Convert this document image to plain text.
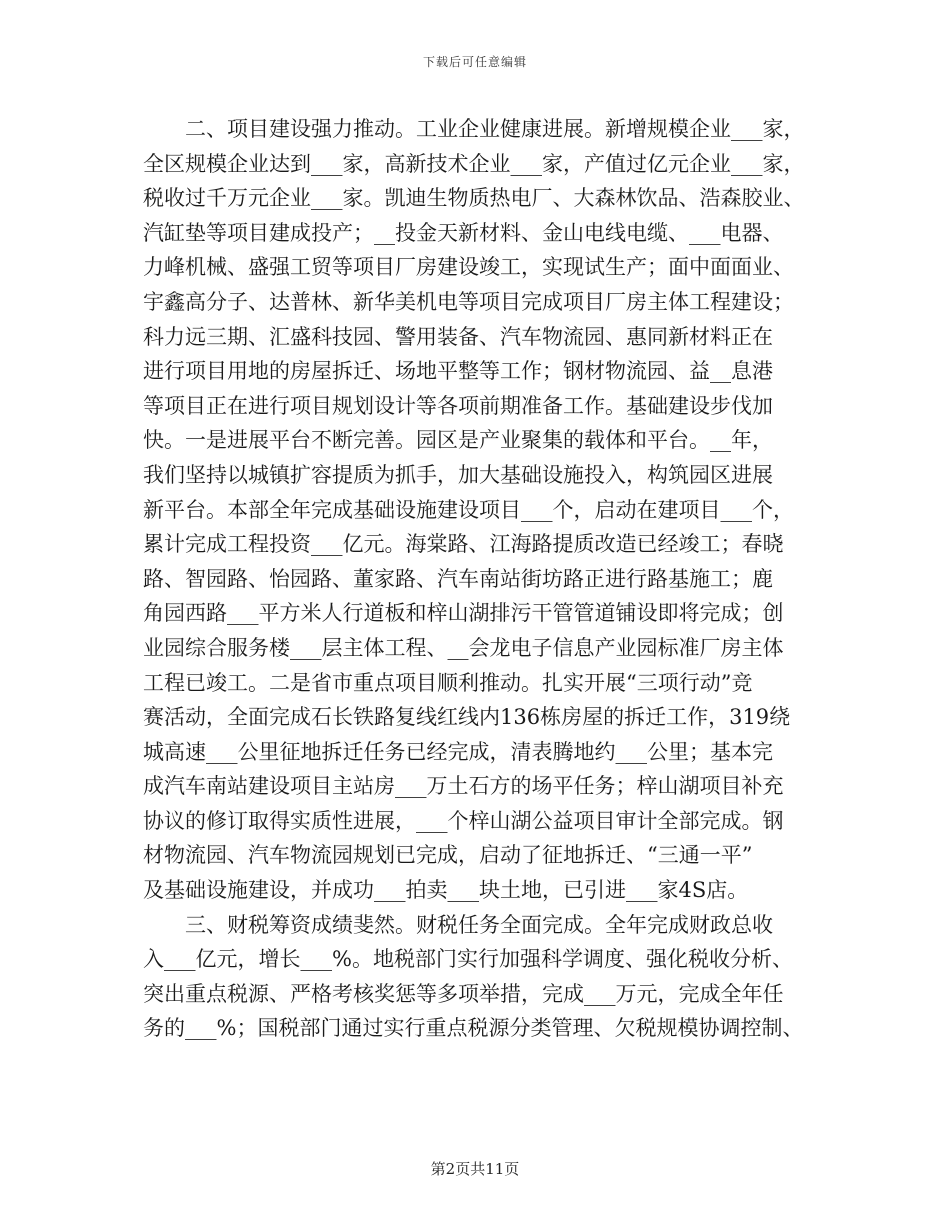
下载后可任意编辑
　　二、项目建设强力推动。工业企业健康进展。新增规模企业___家，
全区规模企业达到___家，高新技术企业___家，产值过亿元企业___家，
税收过千万元企业___家。凯迪生物质热电厂、大森林饮品、浩森胶业、
汽缸垫等项目建成投产；__投金天新材料、金山电线电缆、___电器、
力峰机械、盛强工贸等项目厂房建设竣工，实现试生产；面中面面业、
宇鑫高分子、达普林、新华美机电等项目完成项目厂房主体工程建设；
科力远三期、汇盛科技园、警用装备、汽车物流园、惠同新材料正在
进行项目用地的房屋拆迁、场地平整等工作；钢材物流园、益__息港
等项目正在进行项目规划设计等各项前期准备工作。基础建设步伐加
快。一是进展平台不断完善。园区是产业聚集的载体和平台。__年，
我们坚持以城镇扩容提质为抓手，加大基础设施投入，构筑园区进展
新平台。本部全年完成基础设施建设项目___个，启动在建项目___个，
累计完成工程投资___亿元。海棠路、江海路提质改造已经竣工；春晓
路、智园路、怡园路、董家路、汽车南站街坊路正进行路基施工；鹿
角园西路___平方米人行道板和梓山湖排污干管管道铺设即将完成；创
业园综合服务楼___层主体工程、__会龙电子信息产业园标准厂房主体
工程已竣工。二是省市重点项目顺利推动。扎实开展“三项行动”竞
赛活动，全面完成石长铁路复线红线内136栋房屋的拆迁工作，319绕
城高速___公里征地拆迁任务已经完成，清表腾地约___公里；基本完
成汽车南站建设项目主站房___万土石方的场平任务；梓山湖项目补充
协议的修订取得实质性进展，___个梓山湖公益项目审计全部完成。钢
材物流园、汽车物流园规划已完成，启动了征地拆迁、“三通一平”
及基础设施建设，并成功___拍卖___块土地，已引进___家4S店。
　　三、财税筹资成绩斐然。财税任务全面完成。全年完成财政总收
入___亿元，增长___%。地税部门实行加强科学调度、强化税收分析、
突出重点税源、严格考核奖惩等多项举措，完成___万元，完成全年任
务的___%；国税部门通过实行重点税源分类管理、欠税规模协调控制、
第2页共11页
